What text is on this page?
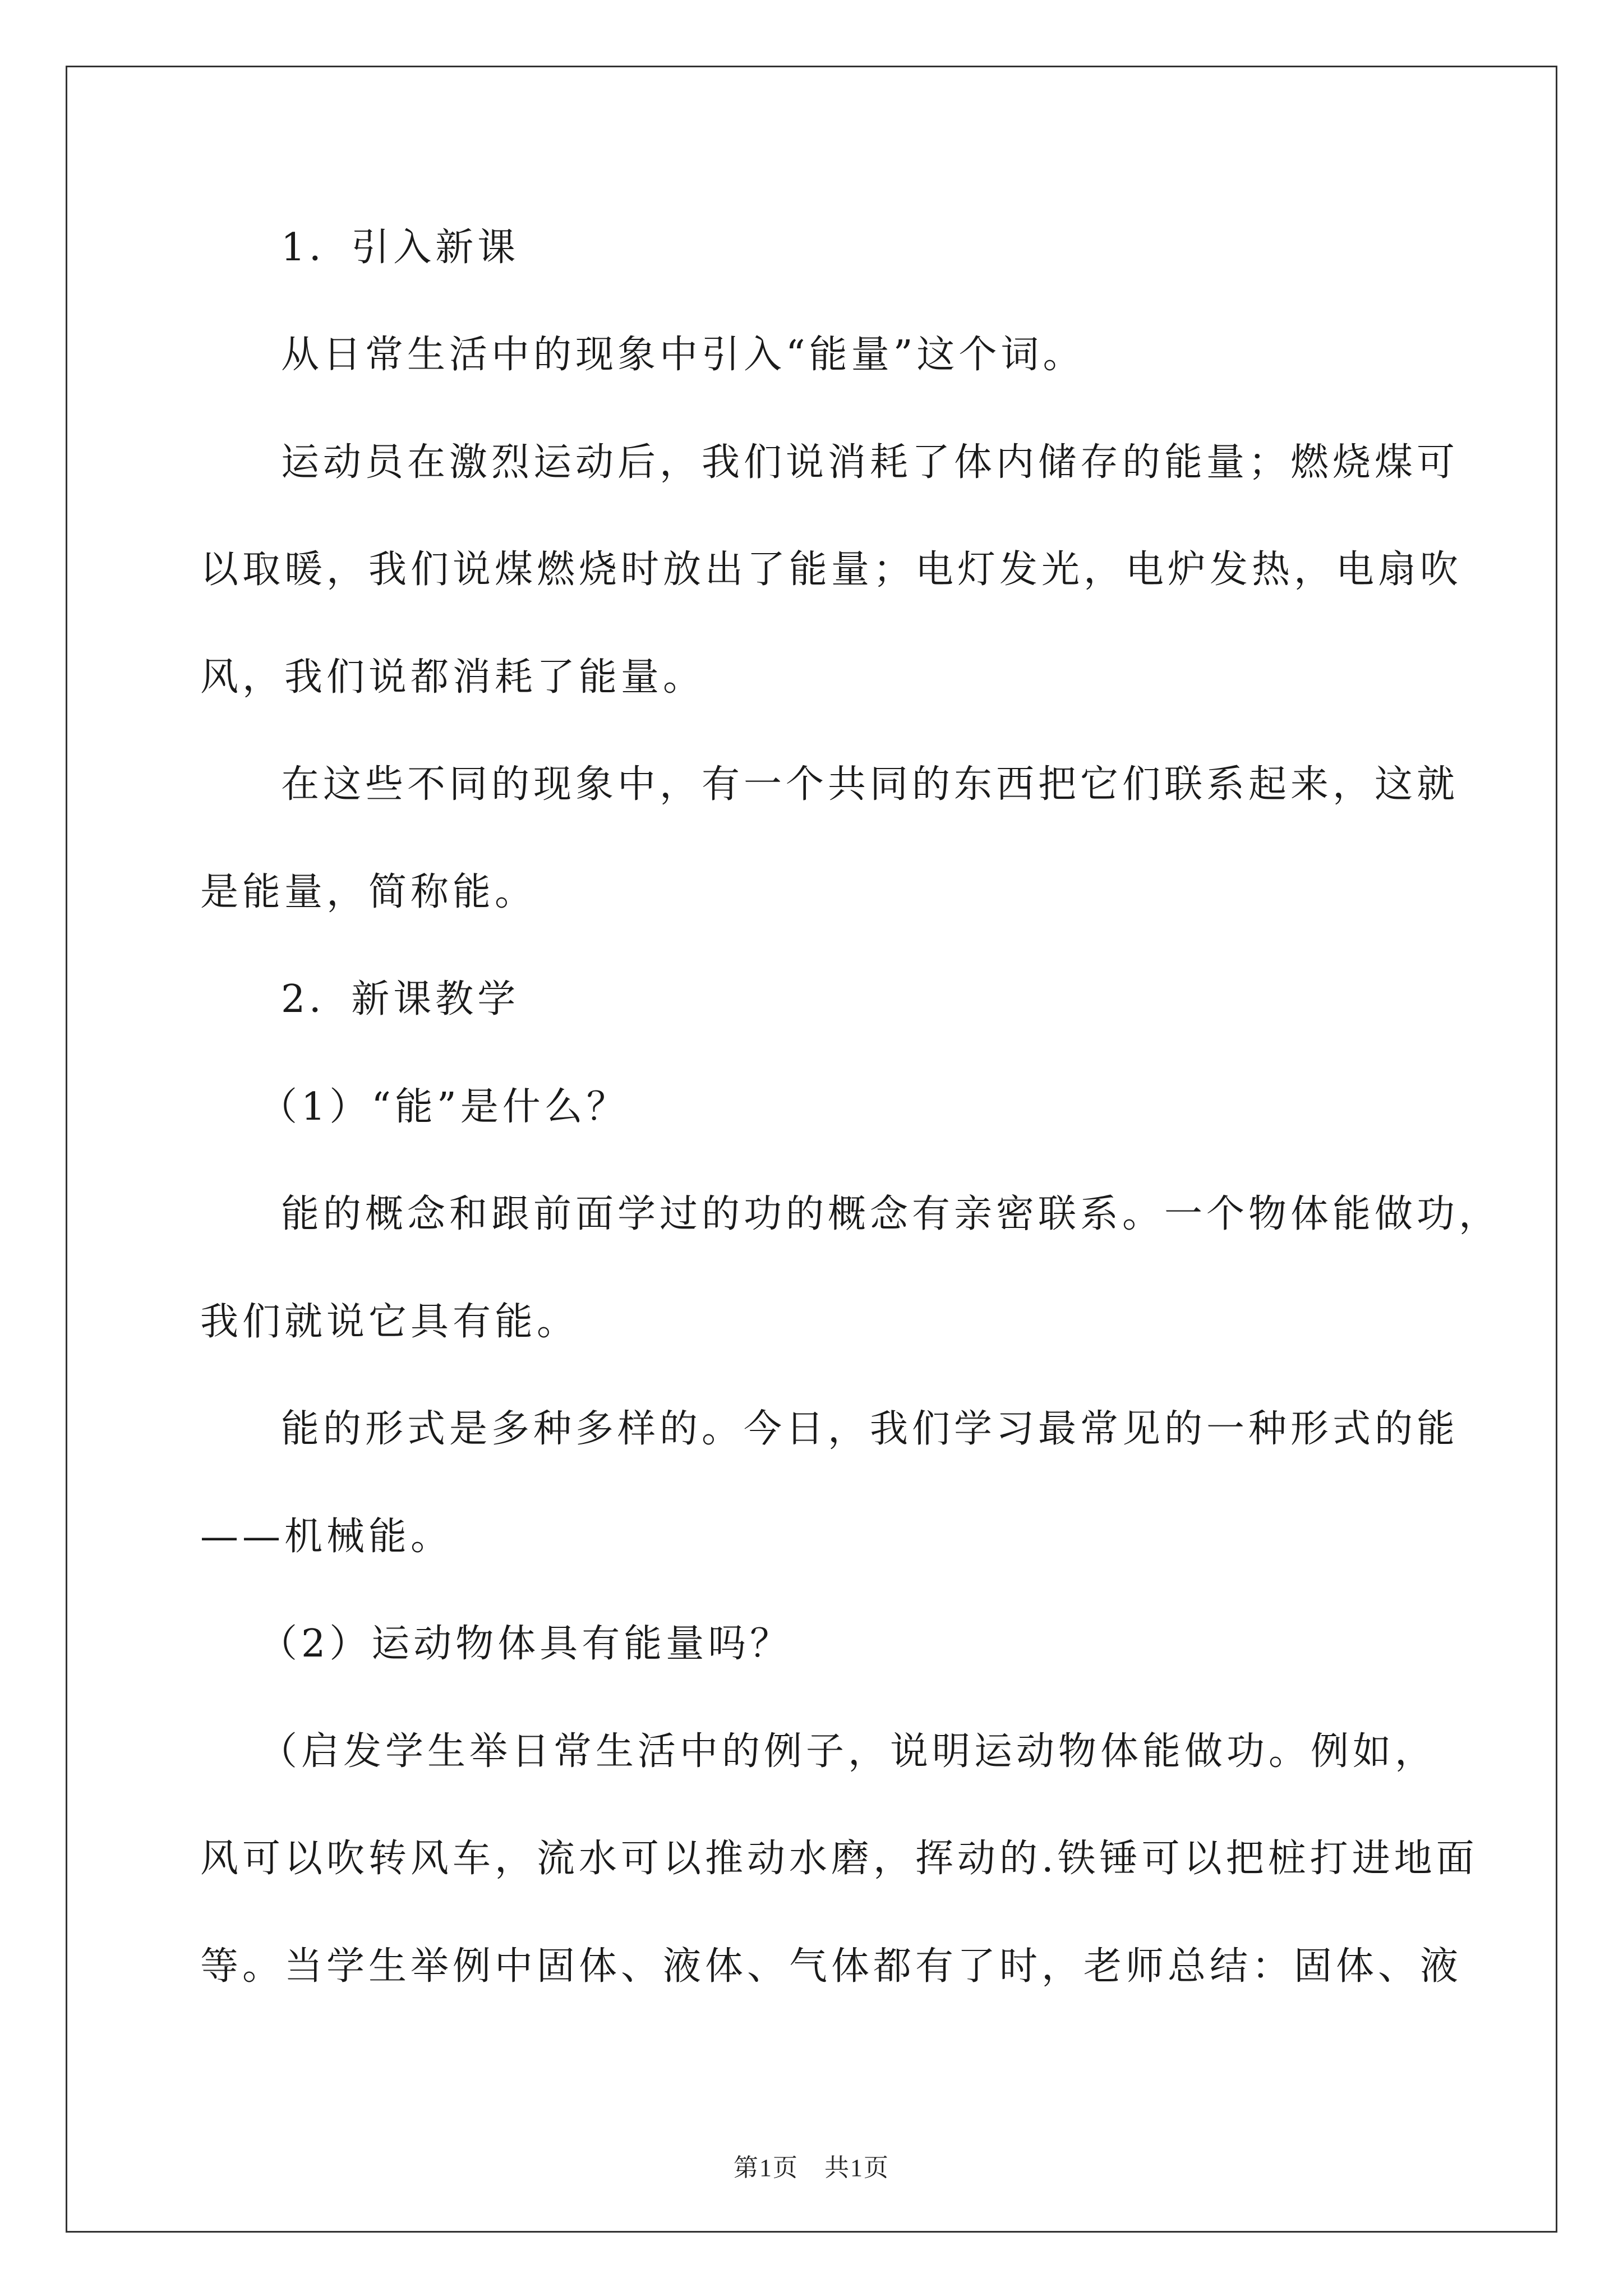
1．引入新课
从日常生活中的现象中引入“能量”这个词。
运动员在激烈运动后，我们说消耗了体内储存的能量；燃烧煤可
以取暖，我们说煤燃烧时放出了能量；电灯发光，电炉发热，电扇吹
风，我们说都消耗了能量。
在这些不同的现象中，有一个共同的东西把它们联系起来，这就
是能量，简称能。
2．新课教学
（1）“能”是什么？
能的概念和跟前面学过的功的概念有亲密联系。一个物体能做功，
我们就说它具有能。
能的形式是多种多样的。今日，我们学习最常见的一种形式的能
——机械能。
（2）运动物体具有能量吗？
（启发学生举日常生活中的例子，说明运动物体能做功。例如，
风可以吹转风车，流水可以推动水磨，挥动的.铁锤可以把桩打进地面
等。当学生举例中固体、液体、气体都有了时，老师总结：固体、液
第1页　共1页
